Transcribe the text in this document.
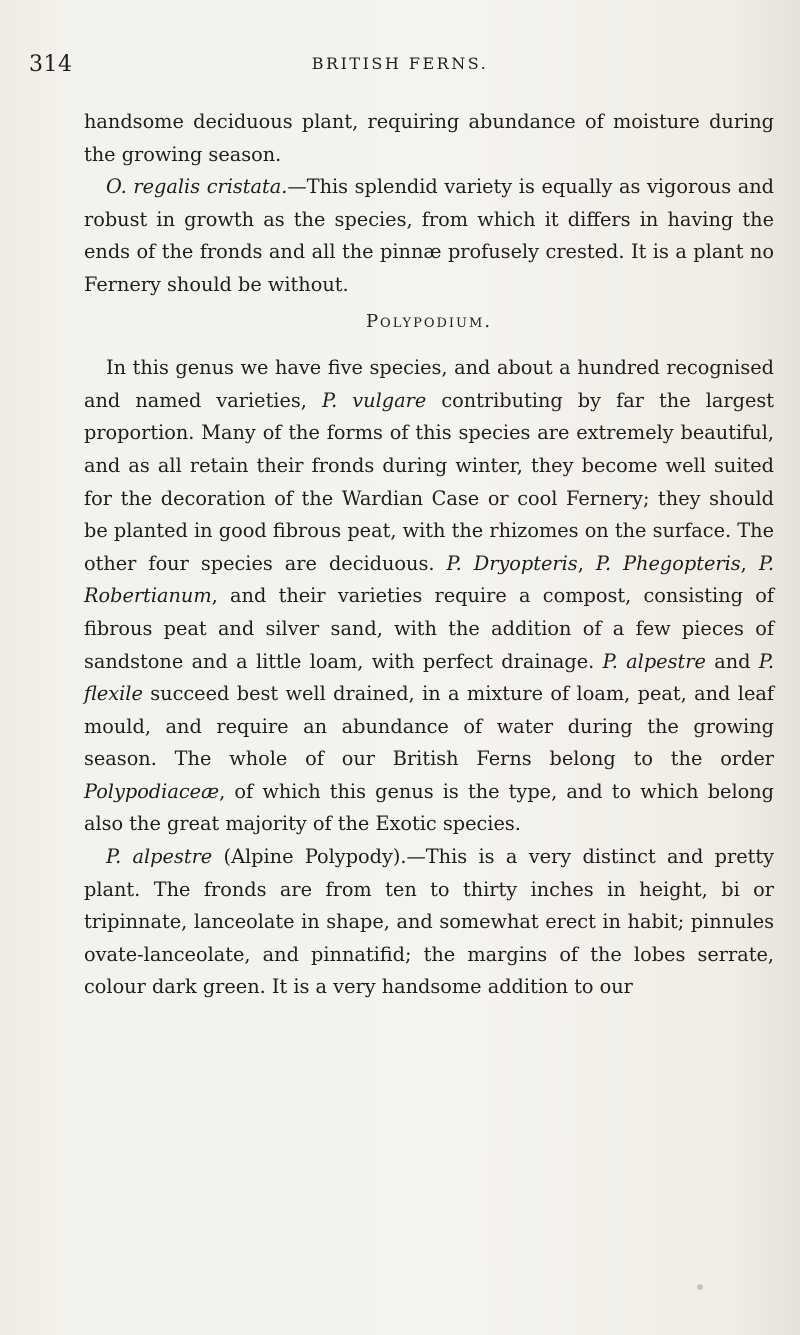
314	BRITISH FERNS.

handsome deciduous plant, requiring abundance of moisture during the growing season.

O. regalis cristata.—This splendid variety is equally as vigorous and robust in growth as the species, from which it differs in having the ends of the fronds and all the pinnæ profusely crested. It is a plant no Fernery should be without.

Polypodium.

In this genus we have five species, and about a hundred recognised and named varieties, P. vulgare contributing by far the largest proportion. Many of the forms of this species are extremely beautiful, and as all retain their fronds during winter, they become well suited for the decoration of the Wardian Case or cool Fernery; they should be planted in good fibrous peat, with the rhizomes on the surface. The other four species are deciduous. P. Dryopteris, P. Phegopteris, P. Robertianum, and their varieties require a compost, consisting of fibrous peat and silver sand, with the addition of a few pieces of sandstone and a little loam, with perfect drainage. P. alpestre and P. flexile succeed best well drained, in a mixture of loam, peat, and leaf mould, and require an abundance of water during the growing season. The whole of our British Ferns belong to the order Polypodiaceæ, of which this genus is the type, and to which belong also the great majority of the Exotic species.

P. alpestre (Alpine Polypody).—This is a very distinct and pretty plant. The fronds are from ten to thirty inches in height, bi or tripinnate, lanceolate in shape, and somewhat erect in habit; pinnules ovate-lanceolate, and pinnatifid; the margins of the lobes serrate, colour dark green. It is a very handsome addition to our
